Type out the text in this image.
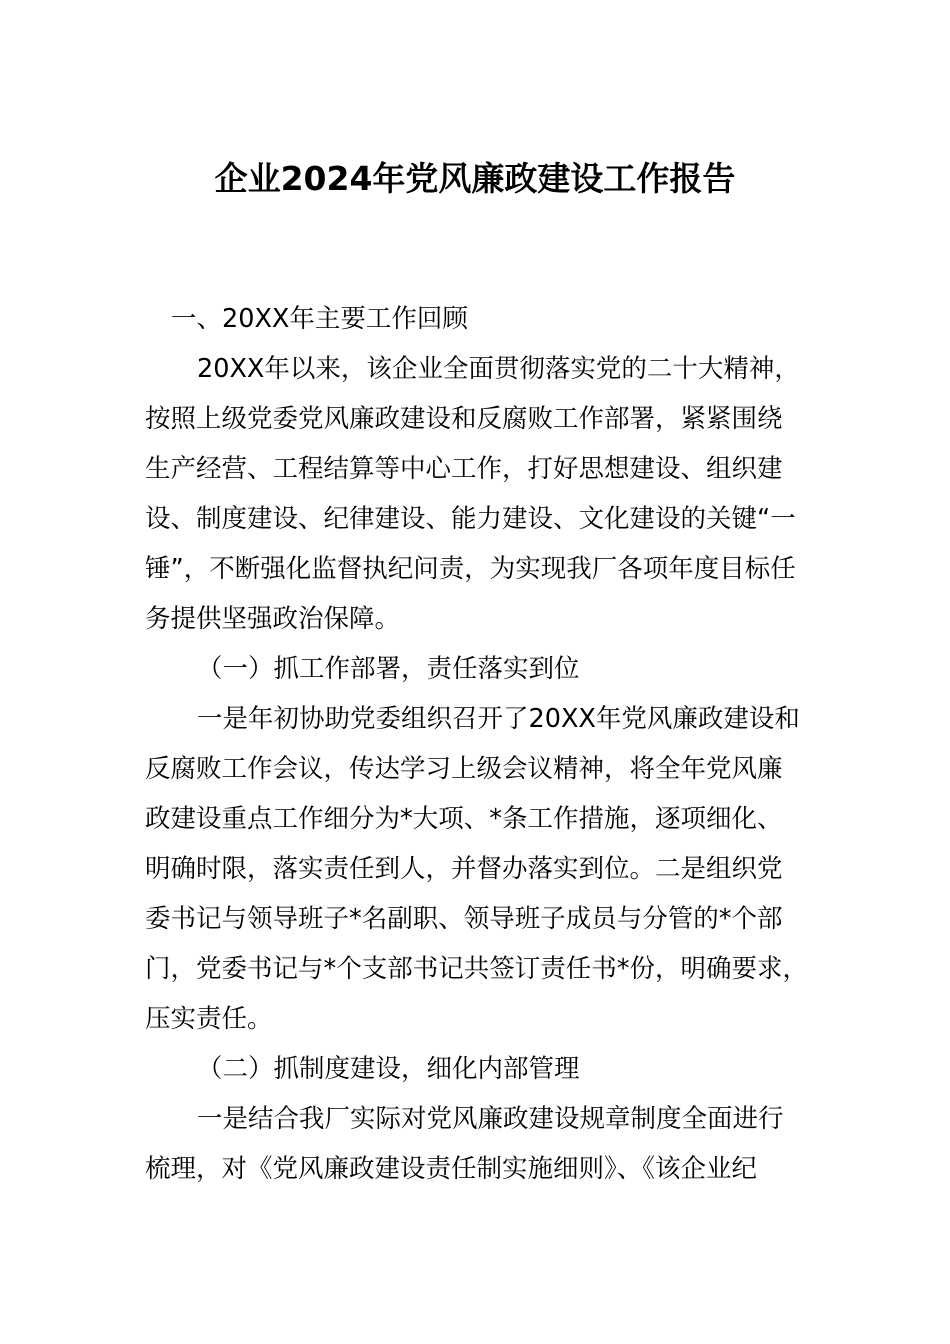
企业2024年党风廉政建设工作报告
一、20XX年主要工作回顾
20XX年以来，该企业全面贯彻落实党的二十大精神，
按照上级党委党风廉政建设和反腐败工作部署，紧紧围绕
生产经营、工程结算等中心工作，打好思想建设、组织建
设、制度建设、纪律建设、能力建设、文化建设的关键“一
锤”，不断强化监督执纪问责，为实现我厂各项年度目标任
务提供坚强政治保障。
（一）抓工作部署，责任落实到位
一是年初协助党委组织召开了20XX年党风廉政建设和
反腐败工作会议，传达学习上级会议精神，将全年党风廉
政建设重点工作细分为*大项、*条工作措施，逐项细化、
明确时限，落实责任到人，并督办落实到位。二是组织党
委书记与领导班子*名副职、领导班子成员与分管的*个部
门，党委书记与*个支部书记共签订责任书*份，明确要求，
压实责任。
（二）抓制度建设，细化内部管理
一是结合我厂实际对党风廉政建设规章制度全面进行
梳理，对《党风廉政建设责任制实施细则》、《该企业纪
